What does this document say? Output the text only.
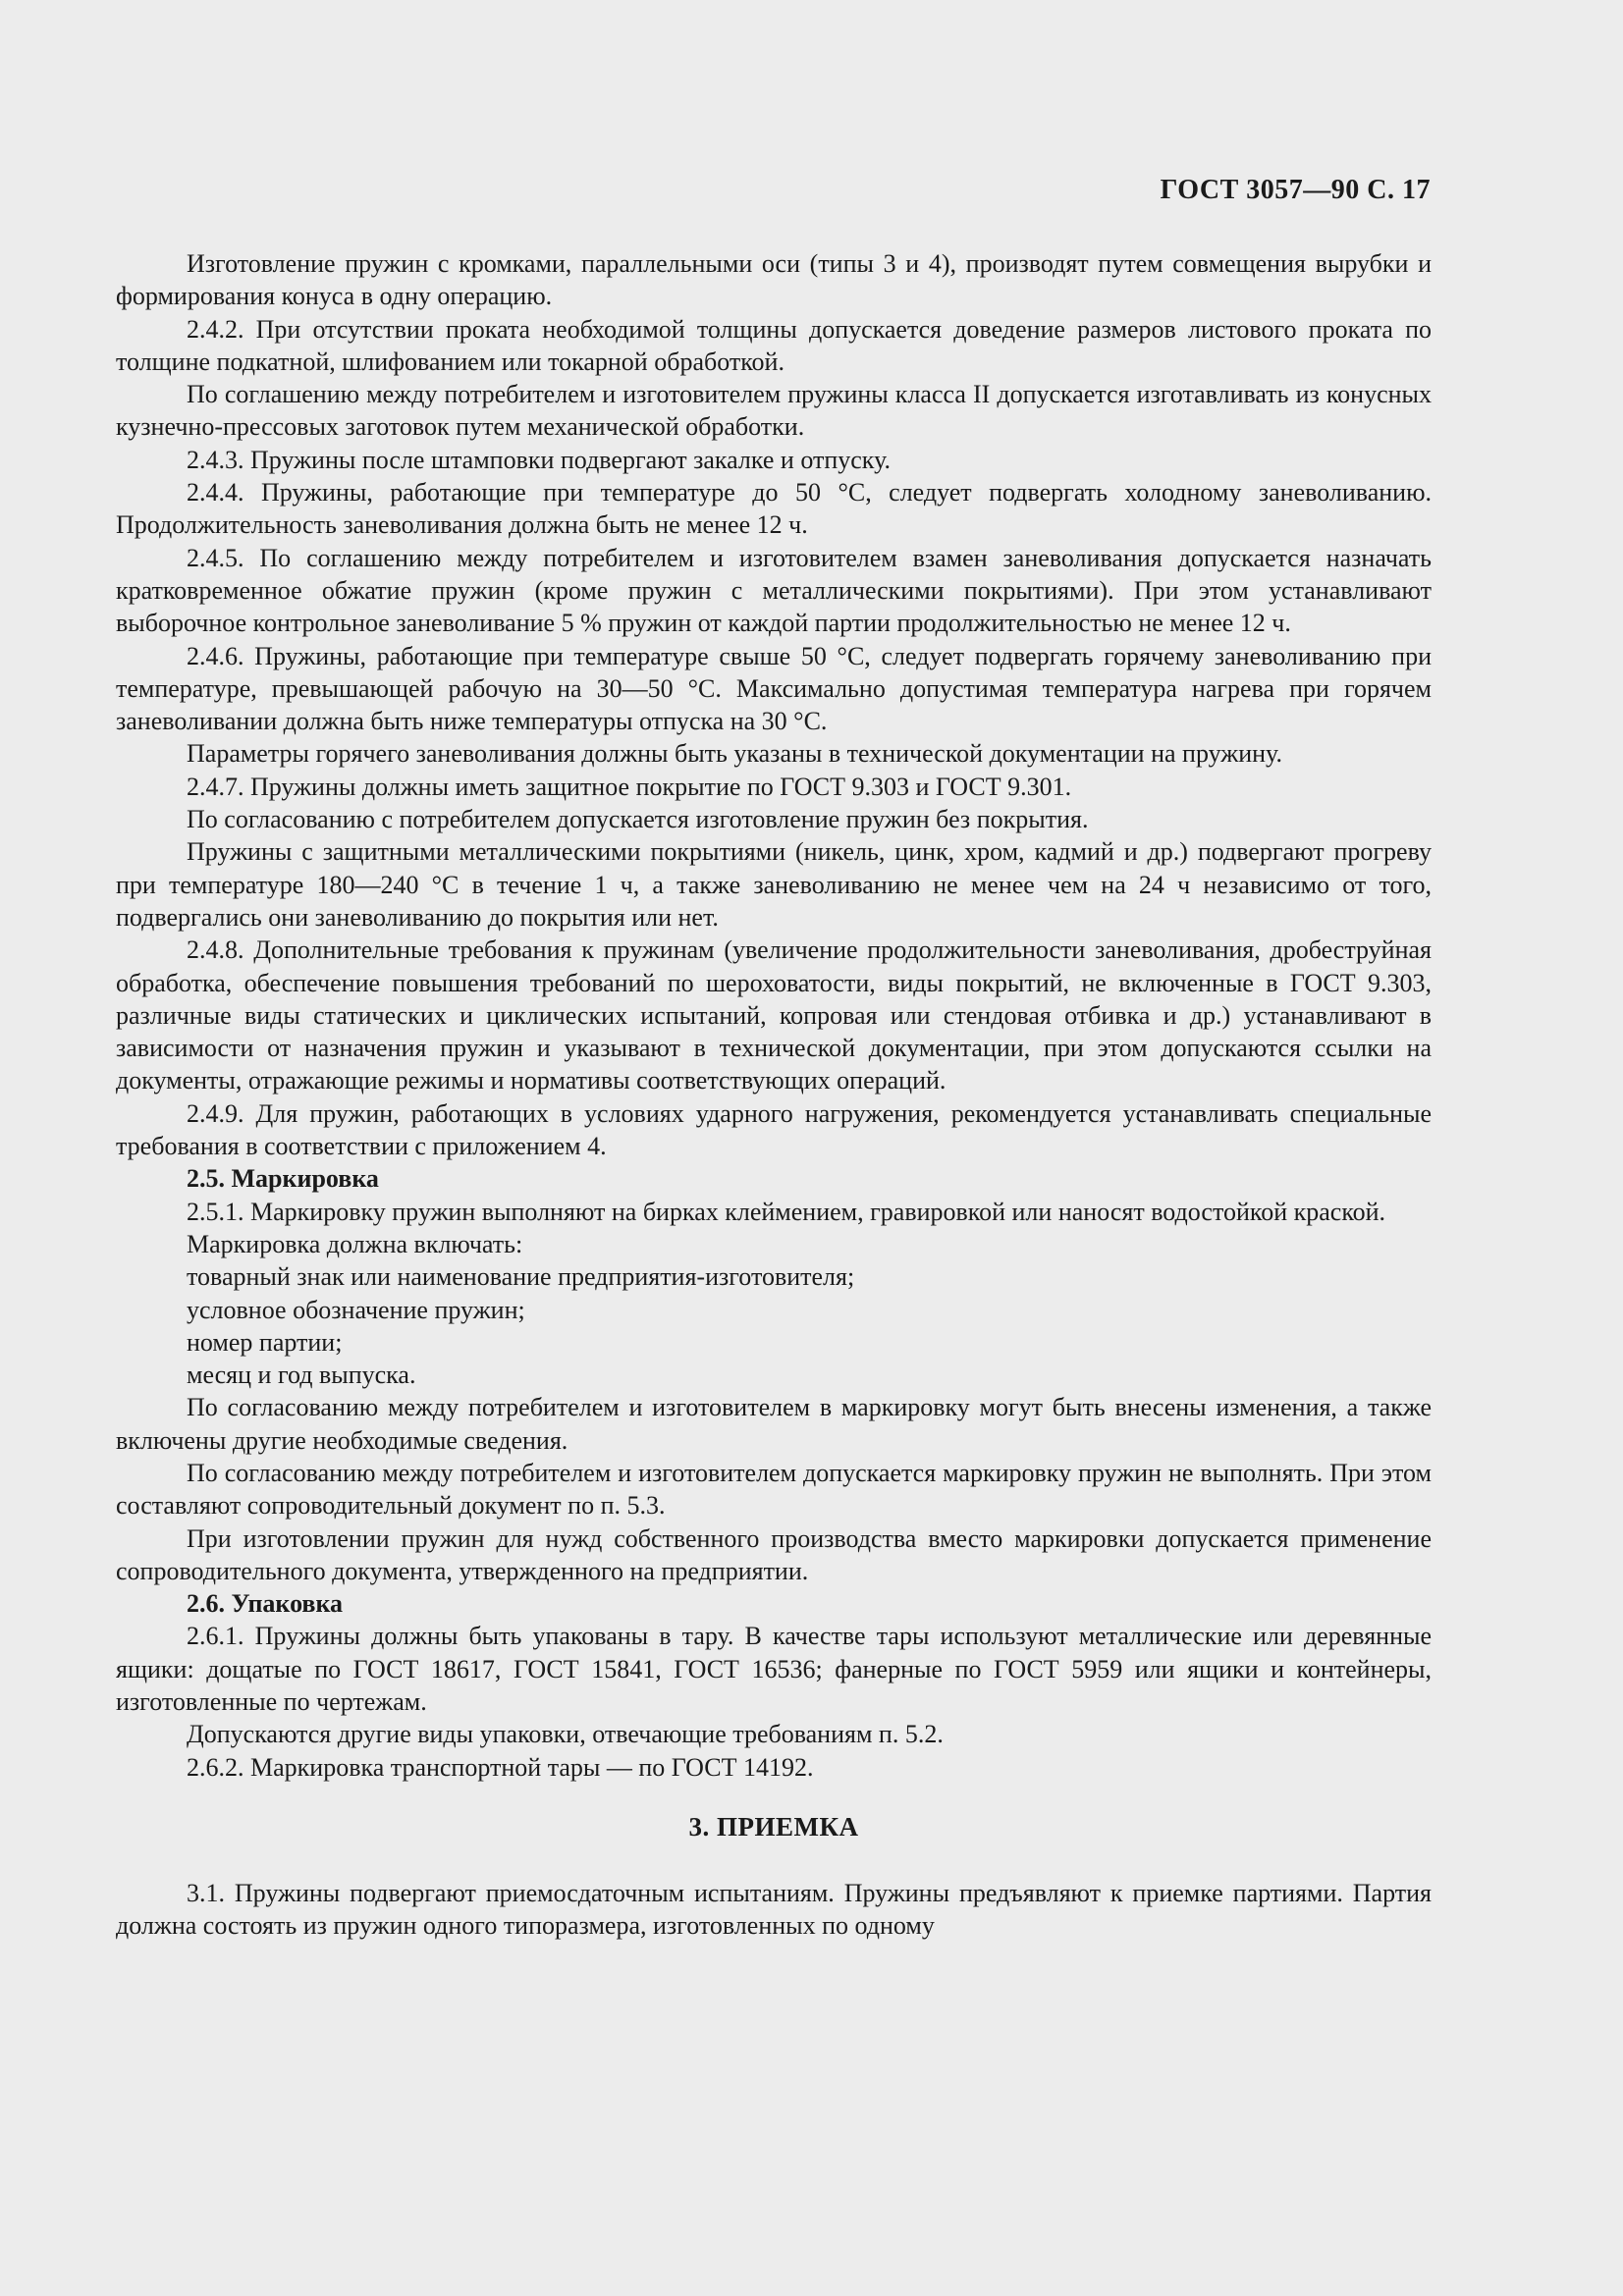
ГОСТ 3057—90 С. 17

Изготовление пружин с кромками, параллельными оси (типы 3 и 4), производят путем совмещения вырубки и формирования конуса в одну операцию.

2.4.2. При отсутствии проката необходимой толщины допускается доведение размеров листового проката по толщине подкатной, шлифованием или токарной обработкой.

По соглашению между потребителем и изготовителем пружины класса II допускается изготавливать из конусных кузнечно-прессовых заготовок путем механической обработки.

2.4.3. Пружины после штамповки подвергают закалке и отпуску.

2.4.4. Пружины, работающие при температуре до 50 °С, следует подвергать холодному заневоливанию. Продолжительность заневоливания должна быть не менее 12 ч.

2.4.5. По соглашению между потребителем и изготовителем взамен заневоливания допускается назначать кратковременное обжатие пружин (кроме пружин с металлическими покрытиями). При этом устанавливают выборочное контрольное заневоливание 5 % пружин от каждой партии продолжительностью не менее 12 ч.

2.4.6. Пружины, работающие при температуре свыше 50 °С, следует подвергать горячему заневоливанию при температуре, превышающей рабочую на 30—50 °С. Максимально допустимая температура нагрева при горячем заневоливании должна быть ниже температуры отпуска на 30 °С.

Параметры горячего заневоливания должны быть указаны в технической документации на пружину.

2.4.7. Пружины должны иметь защитное покрытие по ГОСТ 9.303 и ГОСТ 9.301.

По согласованию с потребителем допускается изготовление пружин без покрытия.

Пружины с защитными металлическими покрытиями (никель, цинк, хром, кадмий и др.) подвергают прогреву при температуре 180—240 °С в течение 1 ч, а также заневоливанию не менее чем на 24 ч независимо от того, подвергались они заневоливанию до покрытия или нет.

2.4.8. Дополнительные требования к пружинам (увеличение продолжительности заневоливания, дробеструйная обработка, обеспечение повышения требований по шероховатости, виды покрытий, не включенные в ГОСТ 9.303, различные виды статических и циклических испытаний, копровая или стендовая отбивка и др.) устанавливают в зависимости от назначения пружин и указывают в технической документации, при этом допускаются ссылки на документы, отражающие режимы и нормативы соответствующих операций.

2.4.9. Для пружин, работающих в условиях ударного нагружения, рекомендуется устанавливать специальные требования в соответствии с приложением 4.

2.5. Маркировка

2.5.1. Маркировку пружин выполняют на бирках клеймением, гравировкой или наносят водостойкой краской.

Маркировка должна включать:

товарный знак или наименование предприятия-изготовителя;

условное обозначение пружин;

номер партии;

месяц и год выпуска.

По согласованию между потребителем и изготовителем в маркировку могут быть внесены изменения, а также включены другие необходимые сведения.

По согласованию между потребителем и изготовителем допускается маркировку пружин не выполнять. При этом составляют сопроводительный документ по п. 5.3.

При изготовлении пружин для нужд собственного производства вместо маркировки допускается применение сопроводительного документа, утвержденного на предприятии.

2.6. Упаковка

2.6.1. Пружины должны быть упакованы в тару. В качестве тары используют металлические или деревянные ящики: дощатые по ГОСТ 18617, ГОСТ 15841, ГОСТ 16536; фанерные по ГОСТ 5959 или ящики и контейнеры, изготовленные по чертежам.

Допускаются другие виды упаковки, отвечающие требованиям п. 5.2.

2.6.2. Маркировка транспортной тары — по ГОСТ 14192.

3. ПРИЕМКА

3.1. Пружины подвергают приемосдаточным испытаниям. Пружины предъявляют к приемке партиями. Партия должна состоять из пружин одного типоразмера, изготовленных по одному
